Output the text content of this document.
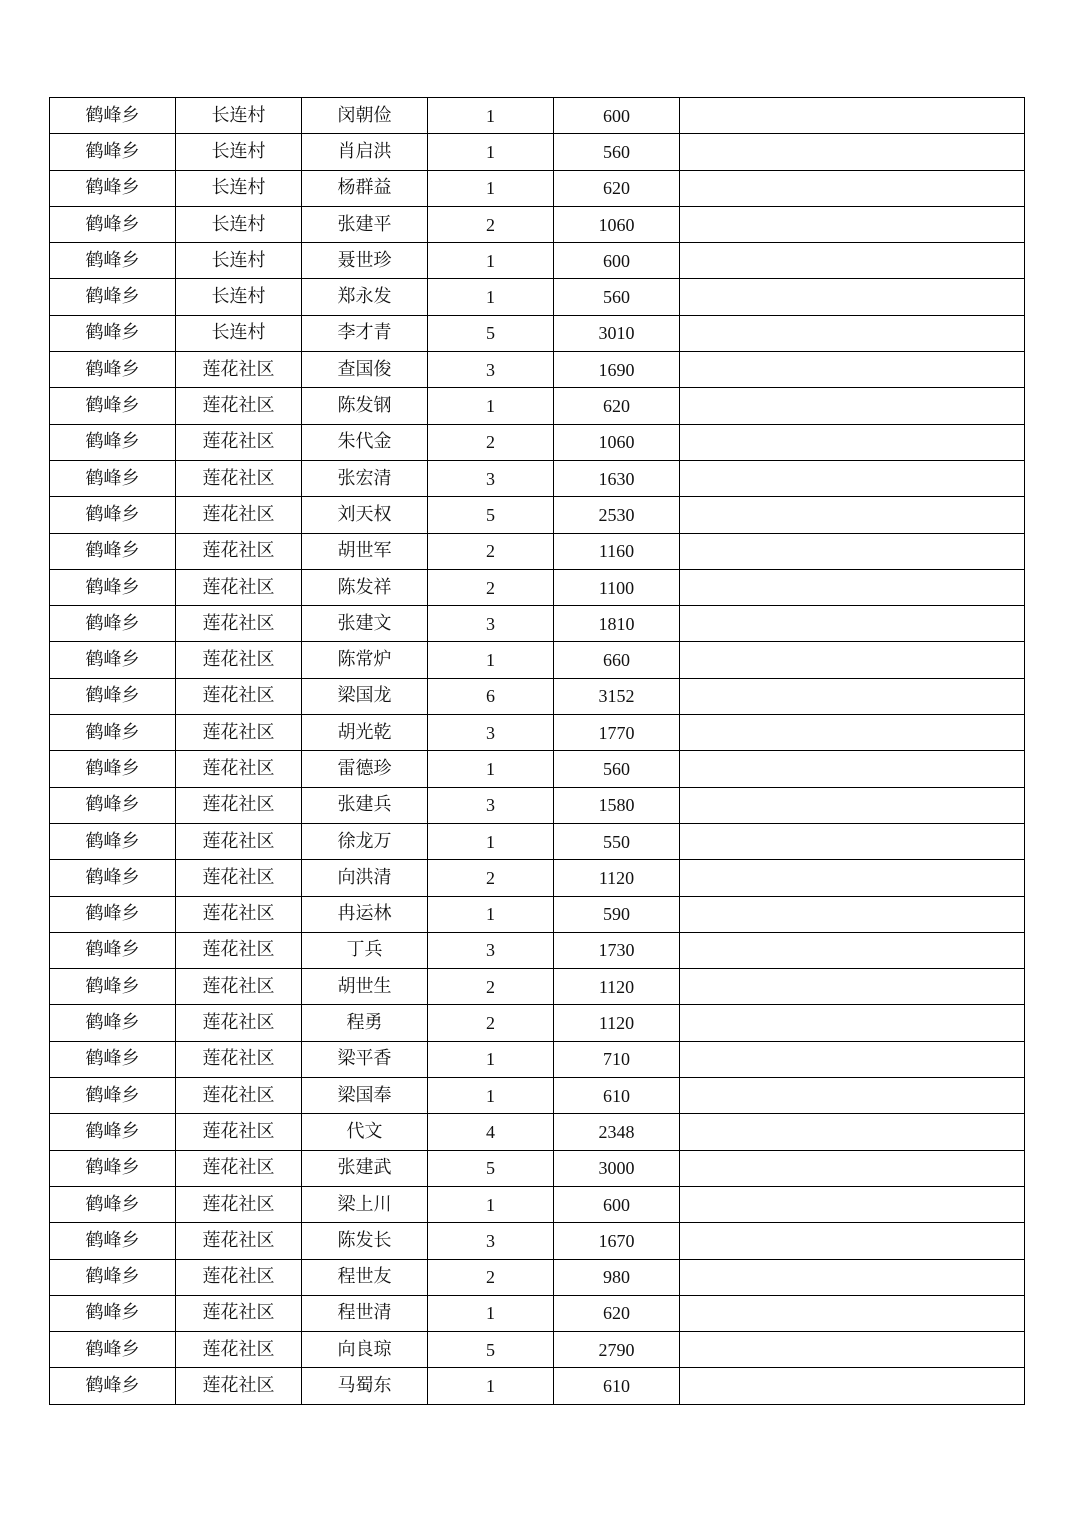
鹤峰乡	长连村	闵朝俭	1	600	
鹤峰乡	长连村	肖启洪	1	560	
鹤峰乡	长连村	杨群益	1	620	
鹤峰乡	长连村	张建平	2	1060	
鹤峰乡	长连村	聂世珍	1	600	
鹤峰乡	长连村	郑永发	1	560	
鹤峰乡	长连村	李才青	5	3010	
鹤峰乡	莲花社区	查国俊	3	1690	
鹤峰乡	莲花社区	陈发钢	1	620	
鹤峰乡	莲花社区	朱代金	2	1060	
鹤峰乡	莲花社区	张宏清	3	1630	
鹤峰乡	莲花社区	刘天权	5	2530	
鹤峰乡	莲花社区	胡世军	2	1160	
鹤峰乡	莲花社区	陈发祥	2	1100	
鹤峰乡	莲花社区	张建文	3	1810	
鹤峰乡	莲花社区	陈常炉	1	660	
鹤峰乡	莲花社区	梁国龙	6	3152	
鹤峰乡	莲花社区	胡光乾	3	1770	
鹤峰乡	莲花社区	雷德珍	1	560	
鹤峰乡	莲花社区	张建兵	3	1580	
鹤峰乡	莲花社区	徐龙万	1	550	
鹤峰乡	莲花社区	向洪清	2	1120	
鹤峰乡	莲花社区	冉运林	1	590	
鹤峰乡	莲花社区	丁兵	3	1730	
鹤峰乡	莲花社区	胡世生	2	1120	
鹤峰乡	莲花社区	程勇	2	1120	
鹤峰乡	莲花社区	梁平香	1	710	
鹤峰乡	莲花社区	梁国奉	1	610	
鹤峰乡	莲花社区	代文	4	2348	
鹤峰乡	莲花社区	张建武	5	3000	
鹤峰乡	莲花社区	梁上川	1	600	
鹤峰乡	莲花社区	陈发长	3	1670	
鹤峰乡	莲花社区	程世友	2	980	
鹤峰乡	莲花社区	程世清	1	620	
鹤峰乡	莲花社区	向良琼	5	2790	
鹤峰乡	莲花社区	马蜀东	1	610	
